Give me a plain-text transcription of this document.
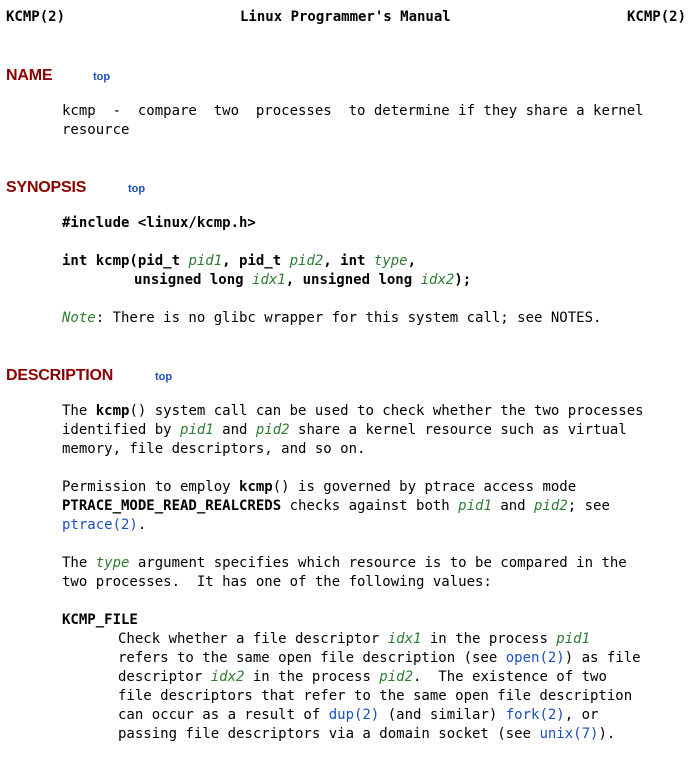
KCMP(2)	Linux Programmer's Manual	KCMP(2)
NAME	top
kcmp  -  compare  two  processes  to determine if they share a kernel
resource
SYNOPSIS	top
#include <linux/kcmp.h>
int kcmp(pid_t pid1, pid_t pid2, int type,
unsigned long idx1, unsigned long idx2);
Note: There is no glibc wrapper for this system call; see NOTES.
DESCRIPTION	top
The kcmp() system call can be used to check whether the two processes
identified by pid1 and pid2 share a kernel resource such as virtual
memory, file descriptors, and so on.
Permission to employ kcmp() is governed by ptrace access mode
PTRACE_MODE_READ_REALCREDS checks against both pid1 and pid2; see
ptrace(2).
The type argument specifies which resource is to be compared in the
two processes.  It has one of the following values:
KCMP_FILE
Check whether a file descriptor idx1 in the process pid1
refers to the same open file description (see open(2)) as file
descriptor idx2 in the process pid2.  The existence of two
file descriptors that refer to the same open file description
can occur as a result of dup(2) (and similar) fork(2), or
passing file descriptors via a domain socket (see unix(7)).
